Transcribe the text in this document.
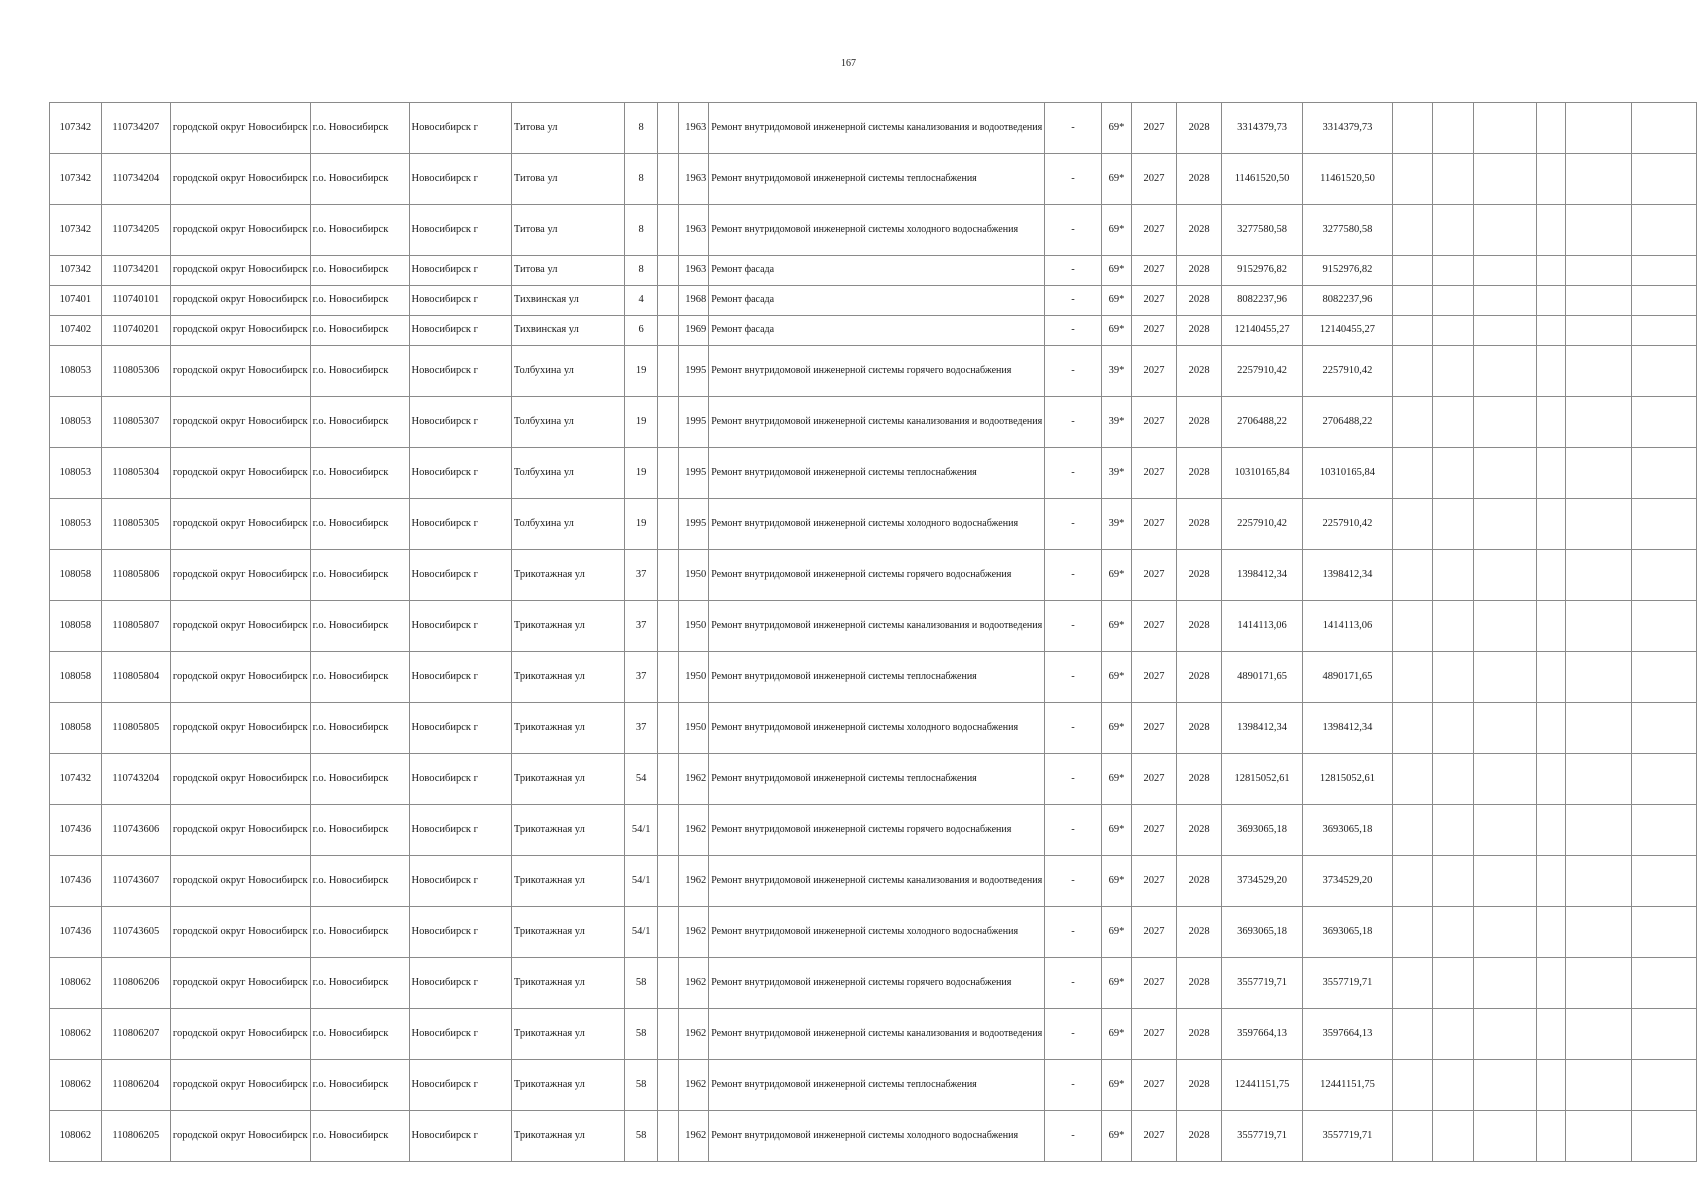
167
107342	110734207	городской округ Новосибирск	г.о. Новосибирск	Новосибирск г	Титова ул	8		1963	Ремонт внутридомовой инженерной системы канализования и водоотведения	-	69*	2027	2028	3314379,73	3314379,73						
107342	110734204	городской округ Новосибирск	г.о. Новосибирск	Новосибирск г	Титова ул	8		1963	Ремонт внутридомовой инженерной системы теплоснабжения	-	69*	2027	2028	11461520,50	11461520,50						
107342	110734205	городской округ Новосибирск	г.о. Новосибирск	Новосибирск г	Титова ул	8		1963	Ремонт внутридомовой инженерной системы холодного водоснабжения	-	69*	2027	2028	3277580,58	3277580,58						
107342	110734201	городской округ Новосибирск	г.о. Новосибирск	Новосибирск г	Титова ул	8		1963	Ремонт фасада	-	69*	2027	2028	9152976,82	9152976,82						
107401	110740101	городской округ Новосибирск	г.о. Новосибирск	Новосибирск г	Тихвинская ул	4		1968	Ремонт фасада	-	69*	2027	2028	8082237,96	8082237,96						
107402	110740201	городской округ Новосибирск	г.о. Новосибирск	Новосибирск г	Тихвинская ул	6		1969	Ремонт фасада	-	69*	2027	2028	12140455,27	12140455,27						
108053	110805306	городской округ Новосибирск	г.о. Новосибирск	Новосибирск г	Толбухина ул	19		1995	Ремонт внутридомовой инженерной системы горячего водоснабжения	-	39*	2027	2028	2257910,42	2257910,42						
108053	110805307	городской округ Новосибирск	г.о. Новосибирск	Новосибирск г	Толбухина ул	19		1995	Ремонт внутридомовой инженерной системы канализования и водоотведения	-	39*	2027	2028	2706488,22	2706488,22						
108053	110805304	городской округ Новосибирск	г.о. Новосибирск	Новосибирск г	Толбухина ул	19		1995	Ремонт внутридомовой инженерной системы теплоснабжения	-	39*	2027	2028	10310165,84	10310165,84						
108053	110805305	городской округ Новосибирск	г.о. Новосибирск	Новосибирск г	Толбухина ул	19		1995	Ремонт внутридомовой инженерной системы холодного водоснабжения	-	39*	2027	2028	2257910,42	2257910,42						
108058	110805806	городской округ Новосибирск	г.о. Новосибирск	Новосибирск г	Трикотажная ул	37		1950	Ремонт внутридомовой инженерной системы горячего водоснабжения	-	69*	2027	2028	1398412,34	1398412,34						
108058	110805807	городской округ Новосибирск	г.о. Новосибирск	Новосибирск г	Трикотажная ул	37		1950	Ремонт внутридомовой инженерной системы канализования и водоотведения	-	69*	2027	2028	1414113,06	1414113,06						
108058	110805804	городской округ Новосибирск	г.о. Новосибирск	Новосибирск г	Трикотажная ул	37		1950	Ремонт внутридомовой инженерной системы теплоснабжения	-	69*	2027	2028	4890171,65	4890171,65						
108058	110805805	городской округ Новосибирск	г.о. Новосибирск	Новосибирск г	Трикотажная ул	37		1950	Ремонт внутридомовой инженерной системы холодного водоснабжения	-	69*	2027	2028	1398412,34	1398412,34						
107432	110743204	городской округ Новосибирск	г.о. Новосибирск	Новосибирск г	Трикотажная ул	54		1962	Ремонт внутридомовой инженерной системы теплоснабжения	-	69*	2027	2028	12815052,61	12815052,61						
107436	110743606	городской округ Новосибирск	г.о. Новосибирск	Новосибирск г	Трикотажная ул	54/1		1962	Ремонт внутридомовой инженерной системы горячего водоснабжения	-	69*	2027	2028	3693065,18	3693065,18						
107436	110743607	городской округ Новосибирск	г.о. Новосибирск	Новосибирск г	Трикотажная ул	54/1		1962	Ремонт внутридомовой инженерной системы канализования и водоотведения	-	69*	2027	2028	3734529,20	3734529,20						
107436	110743605	городской округ Новосибирск	г.о. Новосибирск	Новосибирск г	Трикотажная ул	54/1		1962	Ремонт внутридомовой инженерной системы холодного водоснабжения	-	69*	2027	2028	3693065,18	3693065,18						
108062	110806206	городской округ Новосибирск	г.о. Новосибирск	Новосибирск г	Трикотажная ул	58		1962	Ремонт внутридомовой инженерной системы горячего водоснабжения	-	69*	2027	2028	3557719,71	3557719,71						
108062	110806207	городской округ Новосибирск	г.о. Новосибирск	Новосибирск г	Трикотажная ул	58		1962	Ремонт внутридомовой инженерной системы канализования и водоотведения	-	69*	2027	2028	3597664,13	3597664,13						
108062	110806204	городской округ Новосибирск	г.о. Новосибирск	Новосибирск г	Трикотажная ул	58		1962	Ремонт внутридомовой инженерной системы теплоснабжения	-	69*	2027	2028	12441151,75	12441151,75						
108062	110806205	городской округ Новосибирск	г.о. Новосибирск	Новосибирск г	Трикотажная ул	58		1962	Ремонт внутридомовой инженерной системы холодного водоснабжения	-	69*	2027	2028	3557719,71	3557719,71						
